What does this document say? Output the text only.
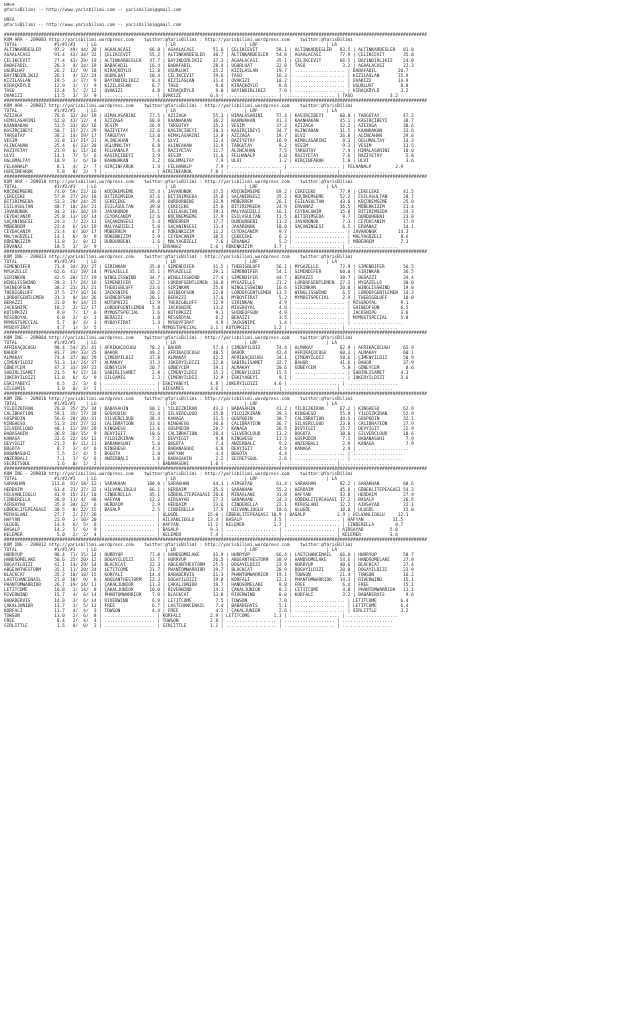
URFA
@YarisBilimi -- http://www.yarisbilimi.com -- yarisbilimi@gmail.com

URFA
@YarisBilimi -- http://www.yarisbilimi.com -- yarisbilimi@gmail.com

################################################################################################################################################################
KUM ARA - 209003 http://yarisbilimi.wordpress.com    twitter:@YarisBilimi : http://yarisbilimi.wordpress.com    twitter:@YarisBilimi
TOTAL              #1/#2/#3    | LG                          | LR                          | LRF                          | LA
ALTINKARDESLER     97.2  49/ 44/ 20 | AGAALACASI       66.8 | AGAALACASI       51.6 | ÇELIKCEVIT       58.1 | ALTINKARDESLER   83.5 | ALTINKARDESLER   81.0
AGAALACASI         91.4  43/ 34/ 32 | ÇELIKCEVIT       55.2 | ALTINKARDESLER   38.7 | ALTINKARDESLER   54.0 | AGAALACASI       77.9 | ÇELIKCEVIT       35.8
ÇELIKCEVIT         77.4  43/ 29/ 19 | ALTINKARDESLER   47.7 | BAYINDIRLIKIZ    37.3 | AGAALACASI       35.1 | ÇELIKCEVIT       66.5 | BAYINDIRLIKIZ    24.0
BABAFADIL          26.3   4/ 14/ 19 | BABAFADIL        16.4 | BABAFADIL        28.4 | UGURLUAT         22.0 | TASO              3.2 | AGAALACASI       22.3
UGURLUAT           26.2  12/  9/ 18 | KIRAÇKÖYLÜ       12.8 | UGURLUAT         25.2 | KIZILASLAN       19.7 | ................... | BABAFADIL        20.7
BAYINDIRLIKIZ      26.1   4/ 12/ 24 | UGURLUAT         10.4 | ÇELIKCEVIT       19.6 | TASO             16.3 | ................... | KIZILASLAN       15.9
KIZILASLAN         19.5   3/ 17/  9 | BAYINDIRLIKIZ     8.4 | KIZILASLAN       11.4 | OVAKIZI          10.2 | ................... | OVAKIZI          14.9
KIRAÇKÖYLÜ         12.9   3/  7/  9 | KIZILASLAN        6.7 | TASO              9.0 | KIRAÇKÖYLÜ        8.0 | ................... | UGURLUAT          8.8
TASO               12.4   5/  2/ 12 | OVAKIZI           4.8 | KIRAÇKÖYLÜ        9.0 | BAYINDIRLIKIZ     7.0 | ................... | KIRAÇKÖYLÜ        3.2
OVAKIZI            11.5   3/  3/  9 | ................... | OVAKIZI           6.4 | ................... | ................... | TASO              3.2
################################################################################################################################################################
KUM ARA - 209017 http://yarisbilimi.wordpress.com    twitter:@YarisBilimi : http://yarisbilimi.wordpress.com    twitter:@YarisBilimi
TOTAL              #1/#2/#3    | LG                          | LR                          | LRF                          | LA
AZIZAGA            76.6  32/ 34/ 19 | HIMALASARINI     77.5 | AZIZAGA          55.3 | HIMALASARINI     57.4 | KASIRÇIBEYI      60.8 | TARGUTAY         47.2
HIMALASARINI       62.0  41/ 12/  4 | AZIZAGA          60.8 | KAANHAKAN        36.2 | KAANHAKAN        41.3 | KAANHAKAN        45.1 | KASIRÇIBEYI      38.7
KAANHAKAN          53.5  33/ 16/ 16 | VESIM            26.9 | TARGUTAY         35.3 | VESIM            37.2 | AZIZAGA          32.2 | AZIZAGA          38.6
KASIRÇIBEYI        50.7  15/ 27/ 29 | RAZIYETAY        22.6 | KASIRÇIBEYI      20.3 | KASIRÇIBEYI      34.7 | ALINCAHAN        31.5 | KAANHAKAN        33.6
TARGUTAY           38.2  14/ 19/ 17 | TARGUTAY         13.0 | HIMALASARINI     13.8 | AZIZAGA          19.7 | ULVI             26.8 | ALINCAHAN        29.6
VESIM              33.8  13/ 21/ 21 | ALINCAHAN         7.6 | ULVI             12.4 | RAZIYETAY        16.9 | HIMALASARINI      9.3 | OGLUMALTAY       14.3
ALINCAHAN          25.4   6/ 13/ 20 | OGLUMALTAY        6.8 | ALINCAHAN        11.9 | TARGUTAY          9.2 | VESIM             9.3 | VESIM            11.5
RAZIYETAY          21.9   6/ 11/ 16 | FELHANALP         5.4 | RAZIYETAY        11.7 | ALINCAHAN         7.5 | TARGUTAY          7.9 | HIMALASARINI     10.0
ULVI               14.1   7/  5/  6 | KASIRÇIBEYI       3.9 | VESIM            11.0 | FELHANALP         4.0 | RAZIYETAY         7.6 | RAZIYETAY         5.8
OGLUMALTAY         10.9   1/  6/ 10 | KAANHAKAN         3.2 | OGLUMALTAY        7.9 | ULVI              1.2 | HIRÇINFARUK       1.8 | ULVI              3.6
FELHANALP           8.1   4/  2/  7 | HIRÇINFARUK       1.4 | FELHANALP         7.9 | ................... | ................... | FELHANALP         2.9
HIRÇINFARUK         5.8   0/  2/  7 | ................... | HIRÇINFARUK       7.8 | ................... | ................... | ...................
################################################################################################################################################################
KUM ARA - 209018 http://yarisbilimi.wordpress.com    twitter:@YarisBilimi : http://yarisbilimi.wordpress.com    twitter:@YarisBilimi
TOTAL              #1/#2/#3    | LG                          | LR                          | LRF                          | LA
KÜÇÜKEMSEME        74.0  59/ 22/ 16 | KÜÇÜKEMSEME      55.4 | JAVARONOK        37.5 | KÜÇÜKEMSEME      69.2 | ÇEKEÇEKE         77.9 | ÇEKEÇEKE         41.5
ÇEKEÇEKE           57.8  27/ 24/ 18 | BITIRIMSEDA      47.6 | BITIRIMSEDA      35.8 | SAÇANINSESI      35.2 | KÜÇÜKEMSEME      52.2 | ESILASULTAN      28.7
BITIRIMSEDA        53.3  28/ 24/ 25 | ÇEKEÇEKE         39.0 | DURDURBENI       33.9 | MÜBERREM         26.1 | ESILASULTAN      43.6 | KÜÇÜKEMSEME      25.0
ESILASULTAN        48.7  18/ 24/ 21 | ESILASULTAN      39.0 | ÇEKEÇEKE         25.8 | BITIRIMSEDA      24.9 | ERVANAZ          16.5 | MÜBEKKIZIM       21.4
JAVARONOK          34.3  16/ 16/ 19 | JAVARONOK        16.1 | ESILASULTAN      19.1 | MALYAGÜZELI      16.1 | CEYDACANIM       15.8 | BITIRIMSEDA      24.3
CEYDACANIM         25.8  13/ 14/ 14 | CEYDACANIM       12.6 | KÜÇÜKEMSEME      17.9 | ESILASULTAN      11.5 | BITIRIMSEDA       8.7 | DURDURBENI       23.0
SAÇANINSESI        24.3   7/ 22/ 11 | SAÇANINSESI       5.4 | MÜBERREM         17.7 | DURDURBENI       11.2 | JAVARONOK         7.3 | CEYDACANIM       17.9
MÜBERREM           22.4   6/ 14/ 19 | MALYAGÜZELI       5.0 | SAÇANINSESI      13.4 | JAVARONOK        10.0 | SAÇANINSESI       6.5 | ERVANAZ          14.1
CEYDACANIM         21.4   6/ 10/ 17 | MÜBERREM          4.7 | RÜKENKIZIM       11.2 | CEYDACANIM        9.7 | ................... | JAVARONOK        14.3
MALYAGÜZELI        14.1   6/  9/  9 | RÜKENKIZIM        2.9 | CEYDACANIM       10.5 | ÇEKEÇEKE          6.3 | ................... | MALYAGÜZELI       8.6
RÜKENKIZIM         13.8   2/  8/ 12 | DURDURBENI        1.6 | MALYAGÜZELI       7.6 | ERVANAZ           5.2 | ................... | MÜBERREM          7.1
ERVANAZ            10.5   3/  3/  9 | ................... | ERVANAZ           2.6 | RÜKENKIZIM        3.7 | ................... | ...................
################################################################################################################################################################
KUM ING - 209013 http://yarisbilimi.wordpress.com    twitter:@YarisBilimi : http://yarisbilimi.wordpress.com    twitter:@YarisBilimi
TOTAL              #1/#2/#3    | LG                          | LR                          | LRF                          | LA
SIMENDIFER         73.4  34/ 39/ 27 | SIRINKAN         35.8 | SIMENDIFER       31.5 | THEBIGBLUFF      56.1 | MYGAZELLE        72.9 | SIMENDIFER       56.5
MYGAZELLE          62.6  41/ 19/ 14 | MYGAZELLE        35.1 | MYGAZELLE        29.1 | SIMENDIFER       54.1 | SIMENDIFER       60.0 | SIRINKAN         36.5
SIRINKAN           42.5  20/ 17/ 19 | WINGLISSWIND     34.7 | WINGLISSWIND     27.4 | SIMENDIFER       44.7 | BERAZZI          38.7 | BERAZZI          34.4
WINGLISSWIND       39.3  17/ 24/ 16 | SIMENDIFER       32.2 | LORDOFGENTLEMEN  26.0 | MYGAZELLE        21.2 | LORDOFGENTLEMEN  27.3 | MYGAZELLE        30.0
SHINEOFSUN         38.2  23/ 21/ 21 | THEBIGBLUFF      23.6 | SIRINKAN         25.6 | WINGLISSWIND     16.6 | SIRINKAN         20.8 | WINGLISSWIND     19.0
THEBIGBLUFF        37.5  27/ 16/ 16 | JACKSNIPE        20.2 | SHINEOFSUN       22.0 | LORDOFGENTLEMEN  13.5 | WINGLISSWIND      6.5 | LORDOFGENTLEMEN  14.3
LORDOFGENTLEMEN    31.3   8/ 14/ 26 | SHINEOFSUN       20.1 | BERAZZI          17.6 | MYBOYFIRAT        5.2 | MYMOSTSPECIAL     2.9 | THEBIGBLUFF      10.0
BERAZZI            31.0   9/ 14/ 15 | KUTUPKIZI        12.9 | THEBIGBLUFF      12.9 | SIRINKAN          4.9 | ................... | MISSROYAL         9.1
JACKSNIPE          18.2   2/ 12/ 17 | LORDOFGENTLEMEN   5.8 | JACKSNIPE        13.2 | MISSROYAL         4.9 | ................... | SHINEOFSUN        6.5
KUTUPKIZI           9.9   7/  1/  6 | MYMOSTSPECIAL     3.6 | KUTUPKIZI         9.1 | SHINEOFSUN        4.9 | ................... | JACKSNIPE         3.6
MISSROYAL           6.8   3/  4/  3 | BERAZZI           1.8 | MISSROYAL         6.2 | BERAZZI           3.5 | ................... | MYMOSTSPECIAL     5.8
MYMOSTSPECIAL       5.7   0/  4/  3 | MYBOYFIRAT        1.4 | MYBOYFIRAT        4.9 | JACKSNIPE         1.4 | ................... | ...................
MYBOYFIRAT          4.7   1/  3/  5 | ................... | MYMOSTSPECIAL     3.1 | KUTUPKIZI         1.2 | ................... | ...................
################################################################################################################################################################
KUM ING - 209004 http://yarisbilimi.wordpress.com    twitter:@YarisBilimi : http://yarisbilimi.wordpress.com    twitter:@YarisBilimi
TOTAL              #1/#2/#3    | LG                          | LR                          | LRF                          | LA
AFRIKAÇOCUGU       98.4  54/ 35/ 41 | AFRIKAÇOCUGU     78.2 | BAHOR            57.4 | ÇIMENYILDIZ      74.4 | ALMAKAY          62.9 | AFRIKAÇOCUGU     65.9
BAHOR              83.7  39/ 33/ 25 | BAHOR            49.2 | AFRIKAÇOCUGU     48.5 | BAHOR            42.4 | AFRIKAÇOCUGU     60.3 | ALMAKAY          60.1
ALMAKAY            74.4  37/ 30/ 29 | ÇIMENYILDIZ      37.8 | ALMAKAY          42.2 | AFRIKAÇOCUGU     34.1 | ÇIMENYILDIZ      58.6 | ÇIMENYILDIZ      50.9
ÇIMENYILDIZ        53.3  14/ 24/ 37 | ALMAKAY          37.3 | JOKERYILDIZI     22.0 | SABIRLISAMET     32.7 | BAHOR            41.6 | BAHOR            37.9
GÜNEYCEM           47.3  33/ 19/ 23 | GÜNEYCEM         20.7 | GÜNEYCEM         19.1 | ALMAKAY          20.6 | GÜNEYCEM          5.8 | GÜNEYCEM          8.6
SABIRLISAMET       21.5   9/ 17/ 18 | SABIRLISAMET      2.8 | ÇIMENYILDIZ      15.1 | ÇIMENYILDIZ      15.5 | ................... | SABIRLISAMET      4.3
JOKERYILDIZI       12.8   6/  6/  9 | GILGAMIS          2.3 | ÇIMENYILDIZ      12.9 | ESKIYABEYI        9.1 | ................... | JOKERYILDIZI      3.6
ESKIYABEYI          6.5   2/  3/  6 | ................... | ESKIYABEYI        4.8 | JOKERYILDIZI      4.6 | ................... | ...................
GILGAMIS            3.0   0/  3/  2 | ................... | GILGAMIS          3.6 | ................... | ................... | ...................
################################################################################################################################################################
KUM ING - 209016 http://yarisbilimi.wordpress.com    twitter:@YarisBilimi : http://yarisbilimi.wordpress.com    twitter:@YarisBilimi
TOTAL              #1/#2/#3    | LG                          | LR                          | LRF                          | LA
YILDIZKIRAN        70.0  35/ 25/ 34 | BABASAHIN        60.1 | YILDIZKIRAN      43.2 | BABASAHIN        41.2 | YILDIZKIRAN      67.2 | KINGHESO         62.9
CALIBRATION        59.1  35/ 17/ 28 | GOSPODIN         52.4 | SILVERCLOUD      35.8 | YILDIZKIRAN      39.3 | KINGHESO         55.9 | YILDIZKIRAN      52.9
GOSPODIN           56.6  20/ 20/ 31 | SILVERCLOUD      38.4 | KANAGA           31.5 | GOSPODIN         38.7 | CALIBRATION      44.5 | GOSPODIN         32.1
KINGHESO           51.3  24/ 27/ 22 | CALIBRATION      33.6 | KINGHESO         30.6 | CALIBRATION      36.7 | SILVERCLOUD      23.0 | CALIBRATION      27.9
SILVERCLOUD        48.1  12/ 19/ 29 | KINGHESO         13.6 | GOSPODIN         28.7 | KANAGA           26.5 | DEVYIGIT         15.7 | DEVYIGIT         22.9
BABASAHIN          36.8  30/ 15/  9 | DEVYIGIT         10.6 | CALIBRATION      28.4 | SILVERCLOUD      13.2 | BOGOTA           10.0 | SILVERCLOUD      18.6
KANAGA             32.6  22/ 14/ 12 | YILDIZKIRAN       7.2 | DEVYIGIT          9.8 | KINGHESO         11.5 | GOSPODIN          7.1 | BABANASUHI        7.9
DEVYIGIT           21.3   6/ 11/ 11 | BABANASUHI        5.0 | BOGOTA            7.4 | ANZERBALI         9.2 | ANZERBALI         2.9 | KANAGA            7.9
BOGOTA              8.7   3/  4/  6 | KINGHESO          4.3 | BABANASUHI        6.0 | DEVYIGIT          4.9 | KANAGA            2.9 | ...................
BABANASUHI          7.5   2/  4/  5 | BOGOTA            2.8 | HAFYAN            4.4 | BOGOTA            4.4 | ................... | ...................
ANZERBALI           7.1   1/  6/  6 | ANZERBALI         1.8 | BABASAHIN         2.2 | SECRETSOUL        2.6 | ................... | ...................
SECRETSOUL          1.6   0/  1/  2 | ................... | BABANASUHI        1.0 | ................... | ................... | ...................
################################################################################################################################################################
KUM ING - 209018 http://yarisbilimi.wordpress.com    twitter:@YarisBilimi : http://yarisbilimi.wordpress.com    twitter:@YarisBilimi
TOTAL              #1/#2/#3    | LG                          | LR                          | LRF                          | LA
SARAKHAN          111.8  91/ 18/ 12 | SARAKHAN        100.0 | SARAKHAN         44.1 | AIRSAYAD         61.4 | SARAKHAN         92.2 | SARAKHAN         68.6
HERDAIM            61.4  23/ 37/ 32 | HILVANLIOGLU     66.1 | HERDAIM          35.5 | SARAKHAN         55.3 | HERDAIM          45.0 | GÖBEKLITEPEAGASI 54.3
HILVANLIOGLU       41.9  15/ 21/ 10 | CINDERELLA       45.1 | GÖBEKLITEPEAGASI 28.6 | MIRASLANI        31.8 | HAFYAN           33.8 | HERDAIM          27.9
CINDERELLA         36.0  11/ 4/  48 | HAFYAN           12.2 | AIRSAYAD         27.3 | SARAKHAN         24.3 | GÖBEKLITEPEAGASI 17.2 | BASALP           26.5
AIRSAYAD           35.3  34/ 12/  6 | HERDAIM           2.9 | HERDAIM          23.6 | CINDERELLA       22.1 | MIRASLANI        12.2 | AIRSAYAD         22.1
GÖBEKLITEPEAGASI   30.5   8/ 22/ 15 | BASALP            2.5 | CINDERELLA       17.9 | HILVANLIOGLU     18.6 | ULUGÖL           10.0 | ULUGÖL           15.8
MIRASLANI          27.7   2/ 27/ 26 | ................... | ULUGÖL           15.0 | GÖBEKLITEPEAGASI 10.9 | BASALP            2.9 | HILVANLIOGLU     12.1
HAFYAN             22.9   2/ 10/ 20 | ................... | HILVANLIOGLU     13.4 | BASALP            3.5 | ................... | HAFYAN           11.5
ULUGÖL             14.4   6/  5/  8 | ................... | HAFYAN           11.2 | KELEMER           1.7 | ................... | CINDERELLA        8.7
BASALP             14.2   5/  6/  9 | ................... | BASALP            9.3 | ................... | ................... | AIRSAYAD          5.0
KELEMER             5.0   2/  2/  4 | ................... | KELEMER           7.4 | ................... | ................... | KELEMER           3.6
################################################################################################################################################################
KUM ING - 209012 http://yarisbilimi.wordpress.com    twitter:@YarisBilimi : http://yarisbilimi.wordpress.com    twitter:@YarisBilimi
TOTAL              #1/#2/#3    | LG                          | LR                          | LRF                          | LA
HURRYUP            90.4  71/ 15/ 14 | HURRYUP          77.0 | HANDSOMELAKE     41.9 | HURRYUP          66.4 | LASTCHANCENAIL   66.0 | HURRYUP          58.7
HANDSOMELAKE       50.6  25/ 20/ 12 | DOGAYILDIZI      33.7 | HURRYUP          26.5 | ABGEANTHESTORM   38.9 | HANDSOMELAKE     54.6 | HANDSOMELAKE     27.8
DOGAYILDIZI        42.1  14/ 29/ 14 | BLACKCAT         22.3 | ABGEANTHESTORM   25.5 | DOGAYILDIZI      23.9 | HURRYUP          40.6 | BLACKCAT         27.4
ABGEANTHESTORM     35.1  11/ 20/ 24 | LETITCOME        21.7 | PHANTOMWARRIOR   19.7 | BLACKCAT         20.9 | DOGAYILDIZI      20.0 | DOGAYILDIZI      23.9
BLACKCAT           35.2  10/ 18/ 15 | KORFALI          14.4 | BABADERVIS       21.3 | PHANTOMWARRIOR   19.1 | TOWSON           21.4 | TOWSON           16.2
LASTCHANCENAIL     27.8  10/  9/  8 | ABGEANTHESTORM   12.3 | DOGAYILDIZI      19.8 | KORFALI          12.1 | PHANTOMWARRIOR   14.3 | RIVERWIND        15.1
PHANTOMWARRIOR     26.7  19/ 14/ 11 | ÇAKALJUNIOR      11.3 | ÇAKALJUNIOR      19.7 | HANDSOMELAKE      9.8 | FREE              6.4 | FREE             15.1
LETITCOME          16.8   1/ 14/  8 | ÇAKALJUNIOR      10.0 | RIVERWIND        14.1 | ÇAKALJUNIOR       8.3 | LETITCOME         4.0 | PHANTOMWARRIOR   11.1
RIVERWIND          15.7   4/  6/ 14 | PHANTOMWARRIOR    7.9 | BLACKCAT         13.8 | RIVERWIND         8.0 | KORFALI           3.2 | BABADERVIS        9.6
BABADERVIS         14.0   3/  6/ 14 | RIVERWIND         6.9 | LETITCOME         7.5 | TOWSON            7.0 | ................... | LETITCOME         6.4
ÇAKALJUNIOR        13.7   3/  5/ 13 | FREE              6.7 | LASTCHANCENAIL    7.4 | BABADERVIS        5.1 | ................... | LETITCOME         6.4
KORFALI            11.7   4/  4/  3 | TOWSON            4.4 | FREE              4.2 | ÇAKALJUNIOR       2.6 | ................... | SIRLITTLE         3.2
TOWSON             11.0   2/  6/  8 | ................... | KORFALI           2.9 | LETITCOME         1.3 | ................... | ...................
FREE                8.4   2/  4/  4 | ................... | TOWSON            2.8 | ................... | ................... | ...................
SIRLITTLE           1.5   0/  0/  2 | ................... | SIRLITTLE         1.1 | ................... | ................... | ...................
